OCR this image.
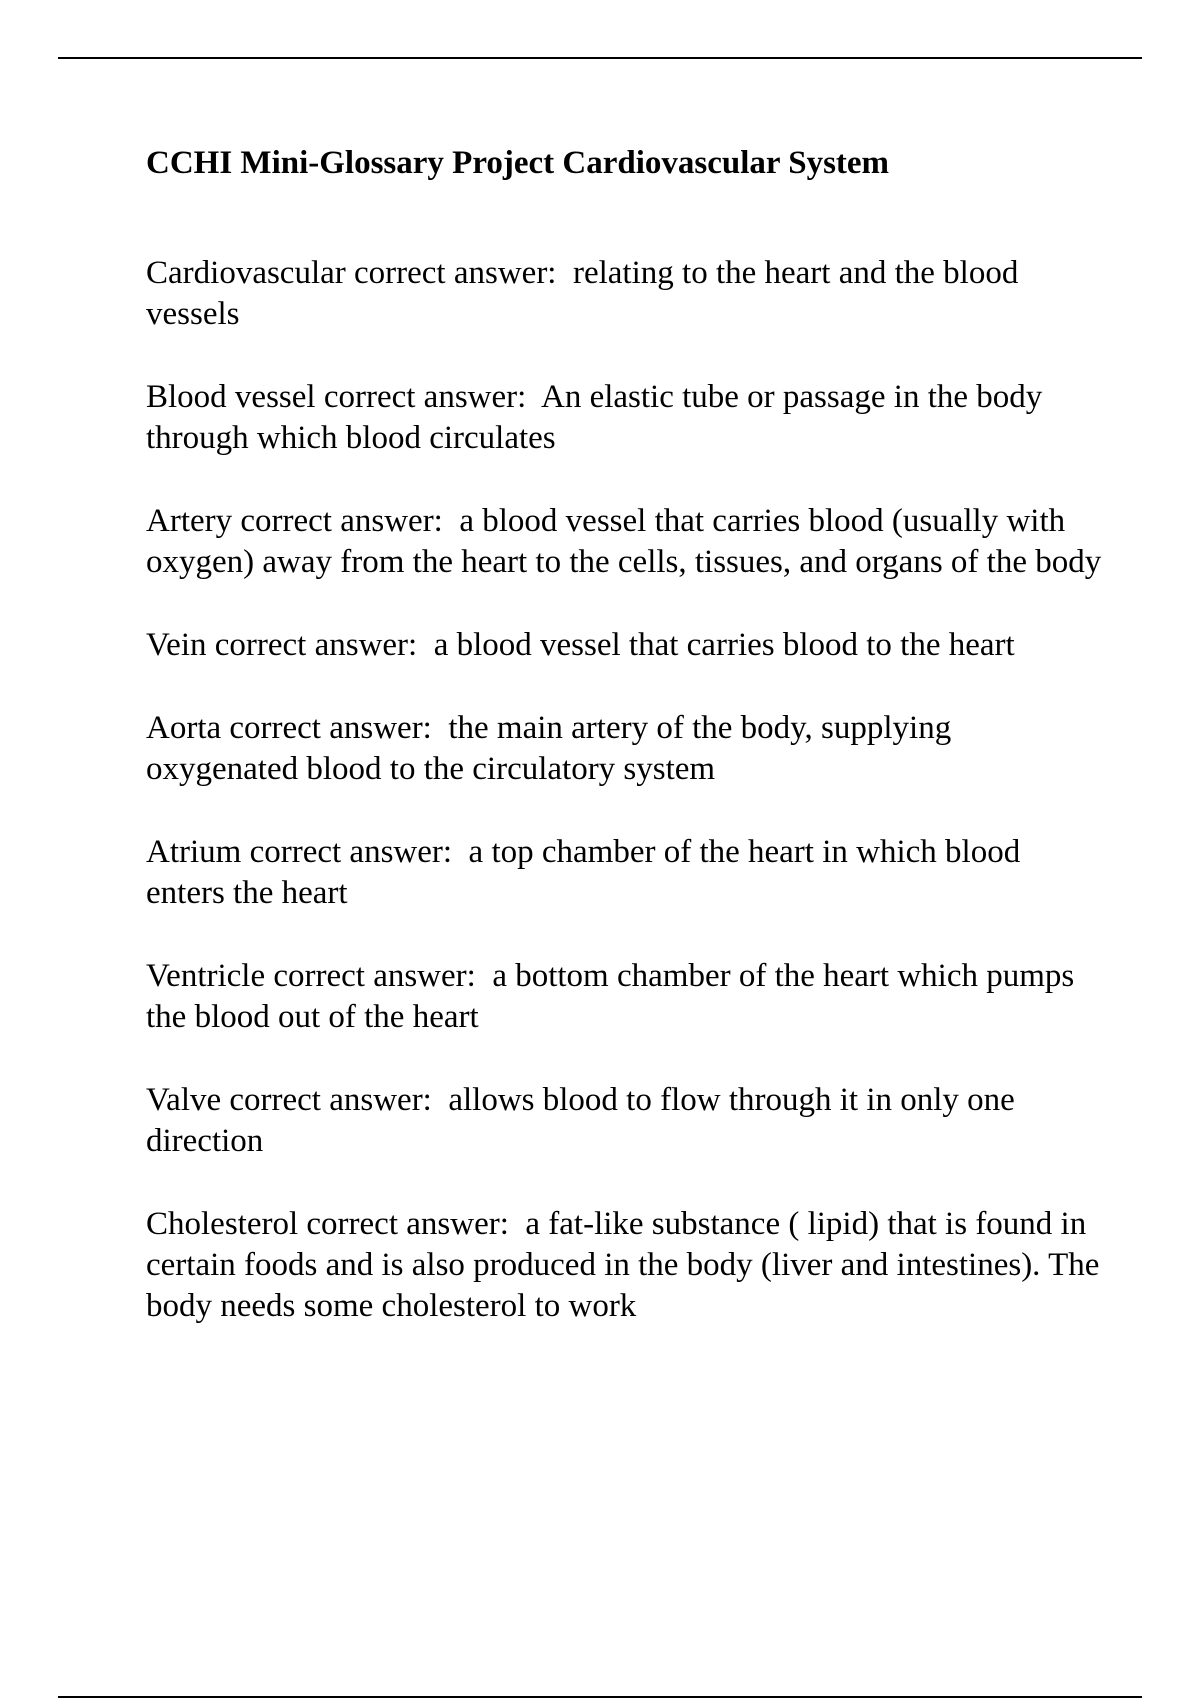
CCHI Mini-Glossary Project Cardiovascular System

Cardiovascular correct answer: relating to the heart and the blood vessels

Blood vessel correct answer: An elastic tube or passage in the body through which blood circulates

Artery correct answer: a blood vessel that carries blood (usually with oxygen) away from the heart to the cells, tissues, and organs of the body

Vein correct answer: a blood vessel that carries blood to the heart

Aorta correct answer: the main artery of the body, supplying oxygenated blood to the circulatory system

Atrium correct answer: a top chamber of the heart in which blood enters the heart

Ventricle correct answer: a bottom chamber of the heart which pumps the blood out of the heart

Valve correct answer: allows blood to flow through it in only one direction

Cholesterol correct answer: a fat-like substance ( lipid) that is found in certain foods and is also produced in the body (liver and intestines). The body needs some cholesterol to work
